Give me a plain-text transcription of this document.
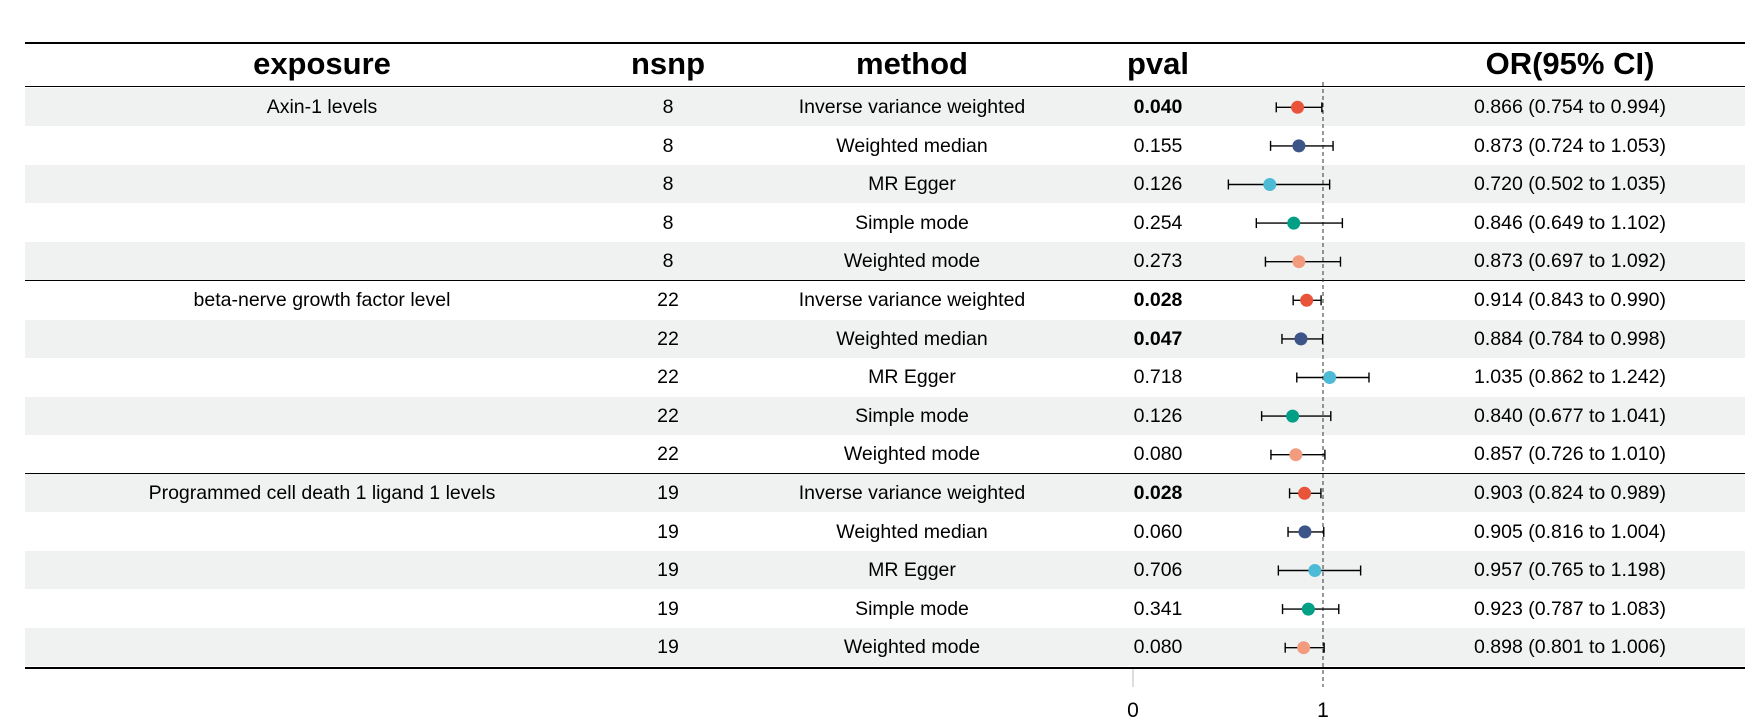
exposure	nsnp	method	pval	OR(95% CI)
Axin-1 levels	8	Inverse variance weighted	0.040	0.866 (0.754 to 0.994)
8	Weighted median	0.155	0.873 (0.724 to 1.053)
8	MR Egger	0.126	0.720 (0.502 to 1.035)
8	Simple mode	0.254	0.846 (0.649 to 1.102)
8	Weighted mode	0.273	0.873 (0.697 to 1.092)
beta-nerve growth factor level	22	Inverse variance weighted	0.028	0.914 (0.843 to 0.990)
22	Weighted median	0.047	0.884 (0.784 to 0.998)
22	MR Egger	0.718	1.035 (0.862 to 1.242)
22	Simple mode	0.126	0.840 (0.677 to 1.041)
22	Weighted mode	0.080	0.857 (0.726 to 1.010)
Programmed cell death 1 ligand 1 levels	19	Inverse variance weighted	0.028	0.903 (0.824 to 0.989)
19	Weighted median	0.060	0.905 (0.816 to 1.004)
19	MR Egger	0.706	0.957 (0.765 to 1.198)
19	Simple mode	0.341	0.923 (0.787 to 1.083)
19	Weighted mode	0.080	0.898 (0.801 to 1.006)
0	1
